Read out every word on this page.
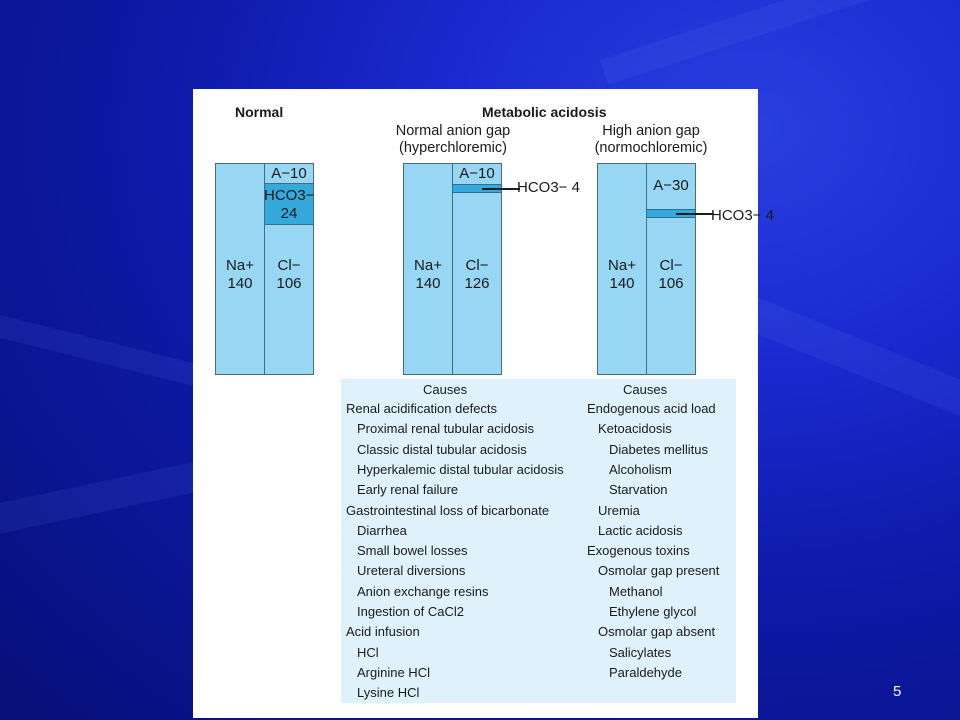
Normal	Metabolic acidosis
Normal anion gap
(hyperchloremic)
High anion gap
(normochloremic)
Na+
140
A−10
HCO3−
24
Cl−
106
HCO3− 4
Na+
140
A−10
Cl−
126
HCO3− 4
Na+
140
A−30
Cl−
106
Causes	Causes
Renal acidification defects
Proximal renal tubular acidosis
Classic distal tubular acidosis
Hyperkalemic distal tubular acidosis
Early renal failure
Gastrointestinal loss of bicarbonate
Diarrhea
Small bowel losses
Ureteral diversions
Anion exchange resins
Ingestion of CaCl2
Acid infusion
HCl
Arginine HCl
Lysine HCl
Endogenous acid load
Ketoacidosis
Diabetes mellitus
Alcoholism
Starvation
Uremia
Lactic acidosis
Exogenous toxins
Osmolar gap present
Methanol
Ethylene glycol
Osmolar gap absent
Salicylates
Paraldehyde
5
